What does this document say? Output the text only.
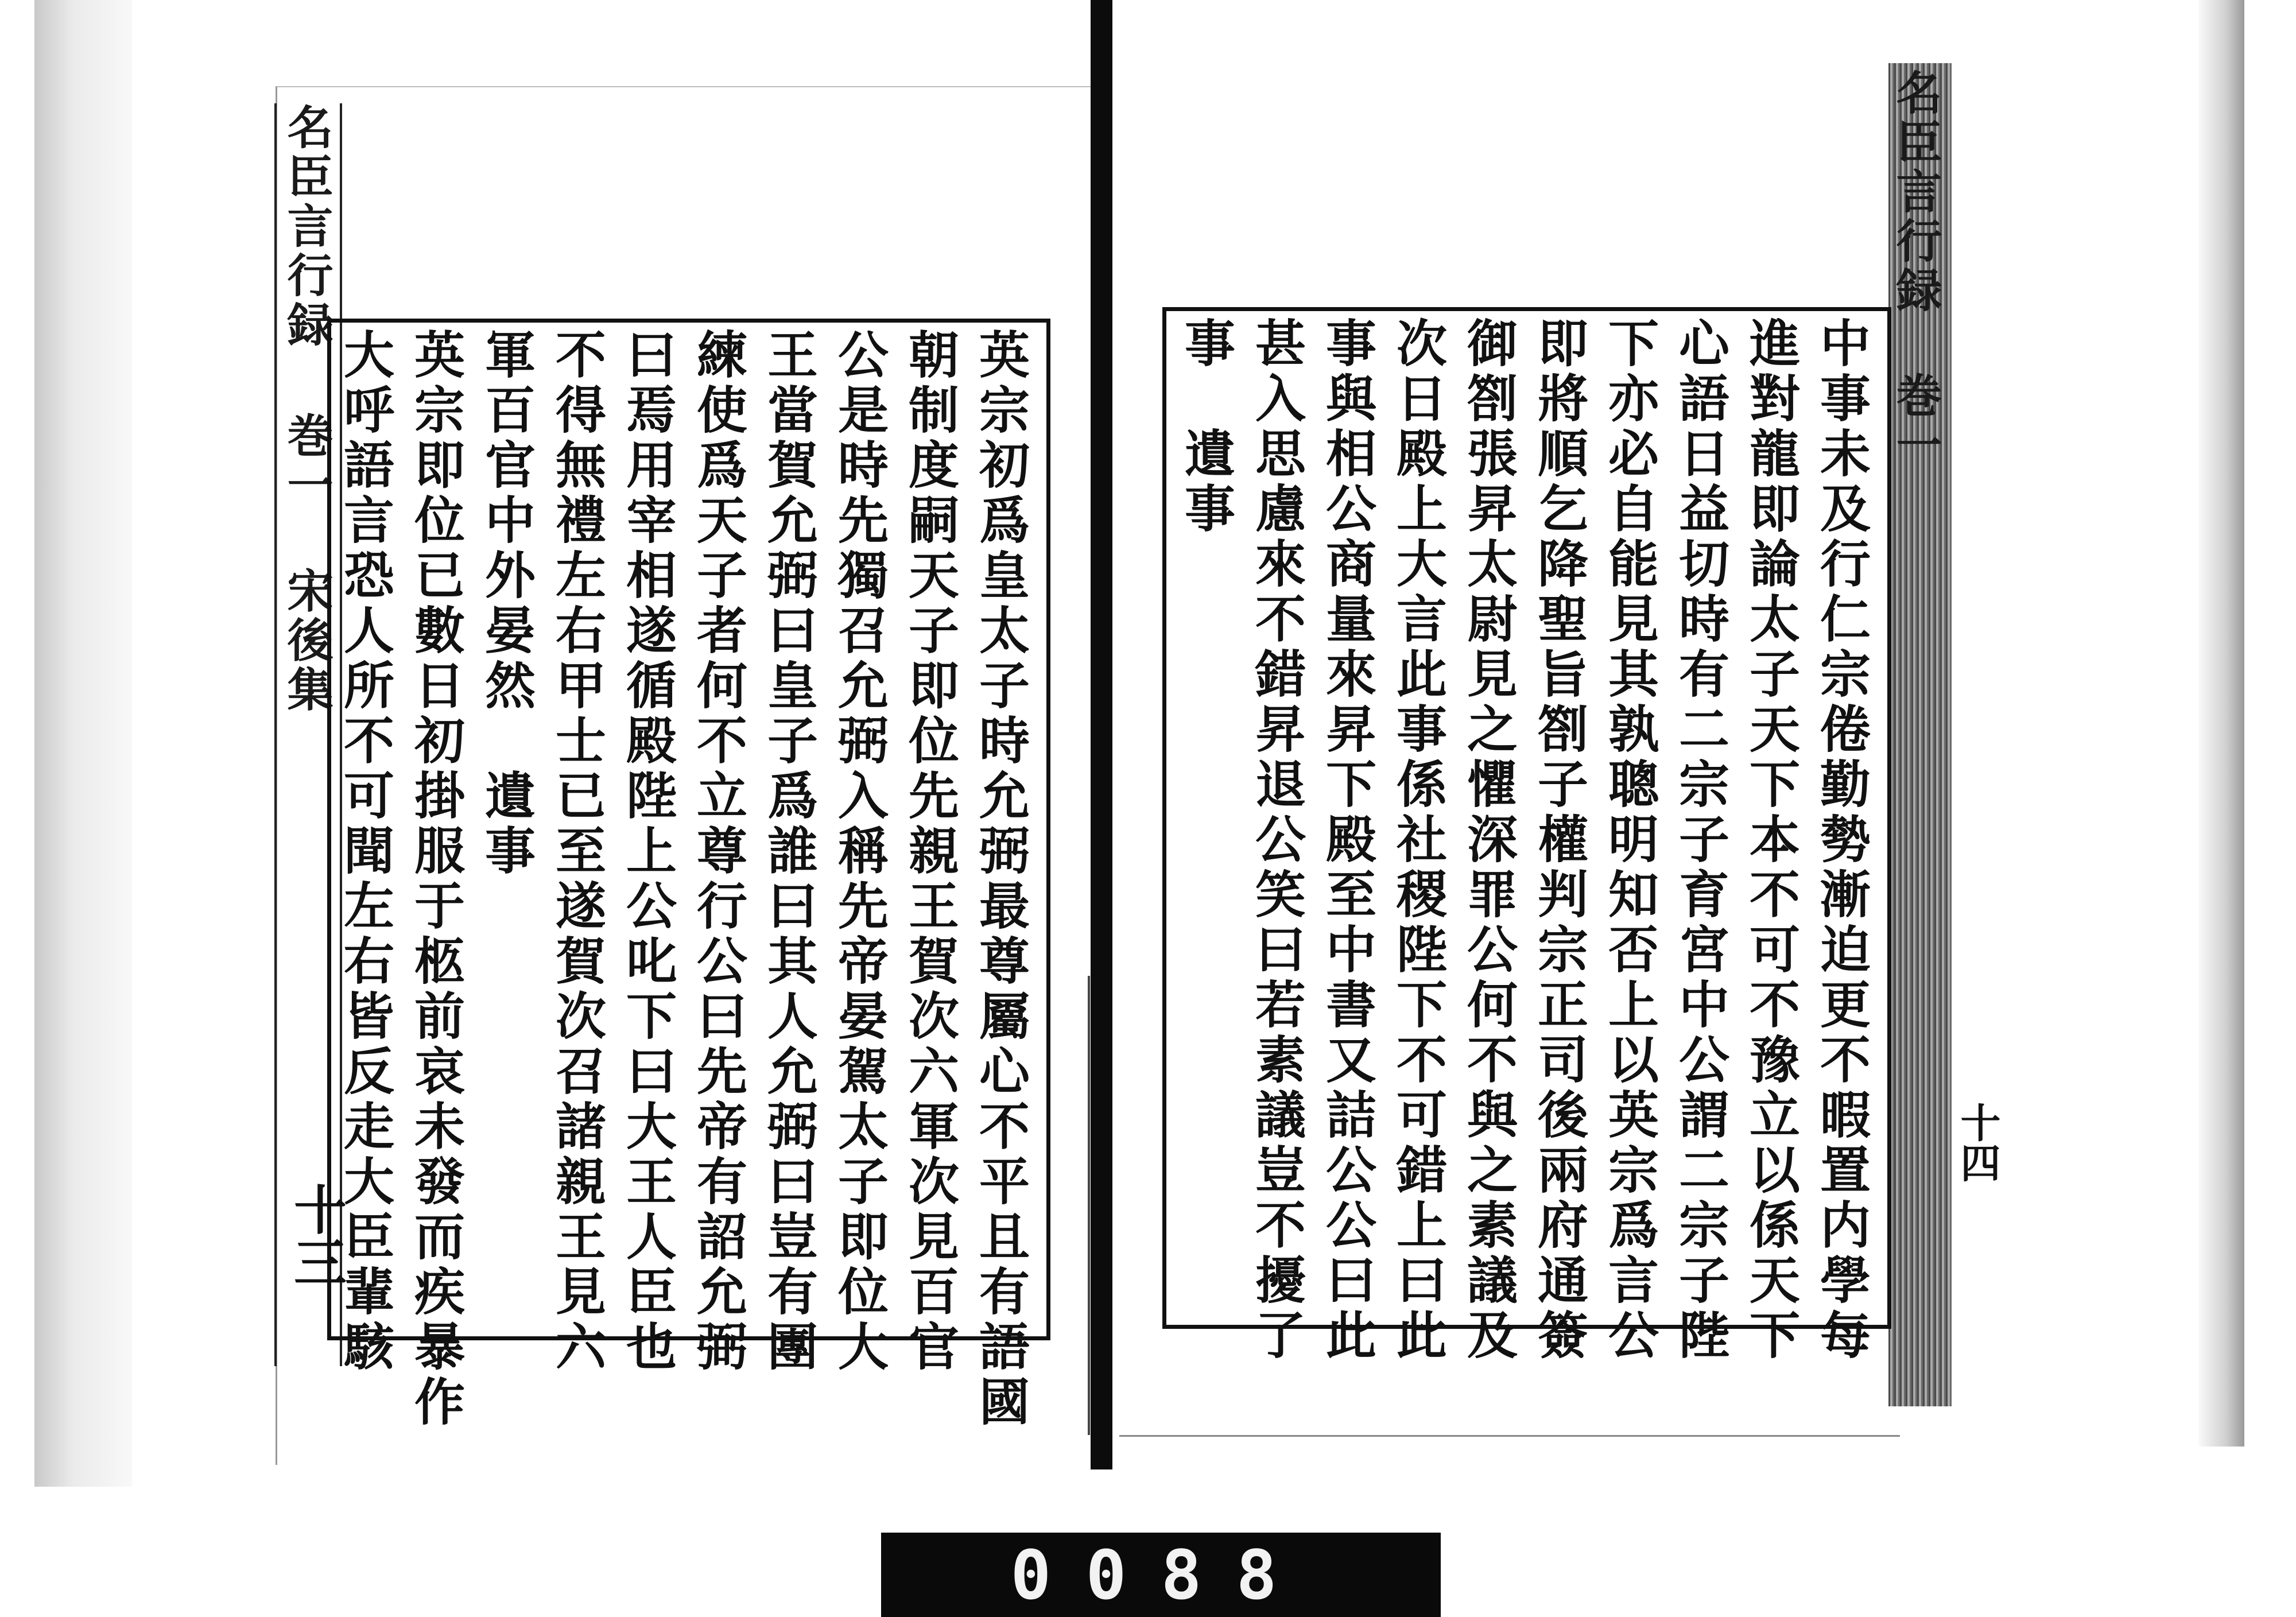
名臣言行録  巻一  宋後集
十三	英宗初爲皇太子時允弼最尊屬心不平且有語國
朝制度嗣天子即位先親王賀次六軍次見百官
公是時先獨召允弼入稱先帝晏駕太子即位大
王當賀允弼曰皇子爲誰曰其人允弼曰豈有團
練使爲天子者何不立尊行公曰先帝有詔允弼
曰焉用宰相遂循殿陛上公叱下曰大王人臣也
不得無禮左右甲士已至遂賀次召諸親王見六
軍百官中外晏然　遺事
英宗即位已數日初掛服于柩前哀未發而疾暴作
大呼語言恐人所不可聞左右皆反走大臣輩駭
名臣言行録  巻一
十四
中事未及行仁宗倦勤勢漸迫更不暇置内學每
進對龍即論太子天下本不可不豫立以係天下
心語日益切時有二宗子育宮中公謂二宗子陛
下亦必自能見其孰聰明知否上以英宗爲言公
即將順乞降聖旨劄子權判宗正司後兩府通簽
御劄張昇太尉見之懼深罪公何不與之素議及
次日殿上大言此事係社稷陛下不可錯上曰此
事與相公商量來昇下殿至中書又詰公公曰此
甚入思慮來不錯昇退公笑曰若素議豈不擾了
事　遺事
0088
